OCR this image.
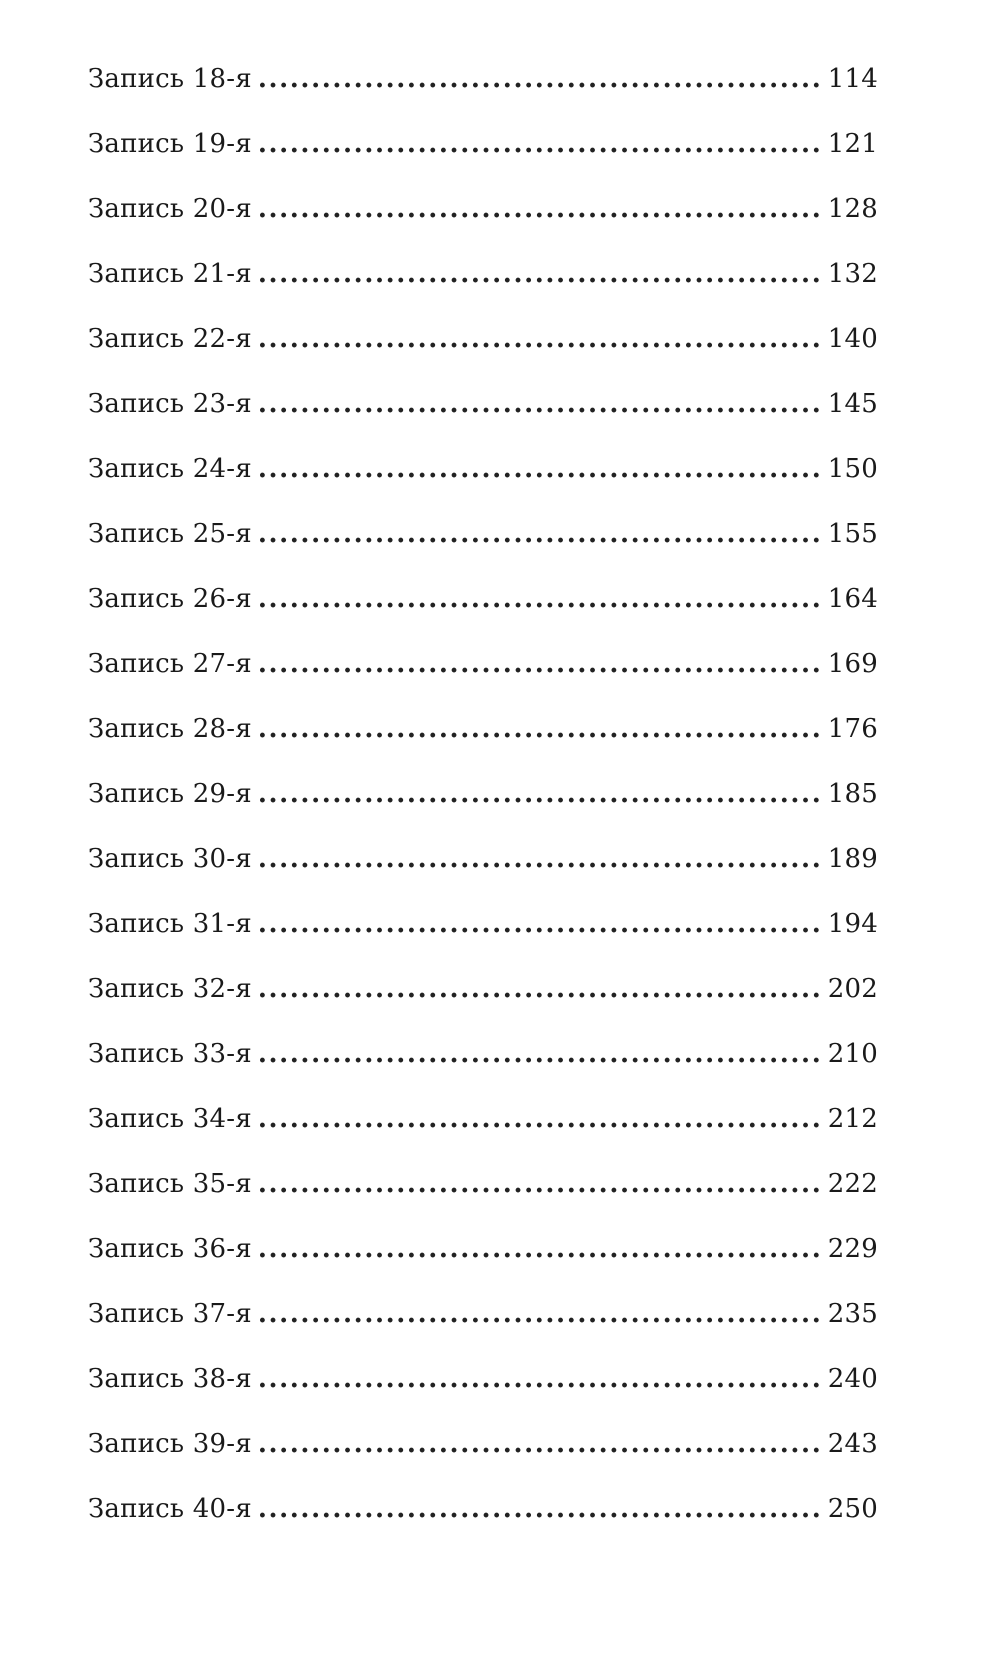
Запись 18-я .....	114
Запись 19-я .....	121
Запись 20-я .....	128
Запись 21-я .....	132
Запись 22-я .....	140
Запись 23-я .....	145
Запись 24-я .....	150
Запись 25-я .....	155
Запись 26-я .....	164
Запись 27-я .....	169
Запись 28-я .....	176
Запись 29-я .....	185
Запись 30-я .....	189
Запись 31-я .....	194
Запись 32-я .....	202
Запись 33-я .....	210
Запись 34-я .....	212
Запись 35-я .....	222
Запись 36-я .....	229
Запись 37-я .....	235
Запись 38-я .....	240
Запись 39-я .....	243
Запись 40-я .....	250
